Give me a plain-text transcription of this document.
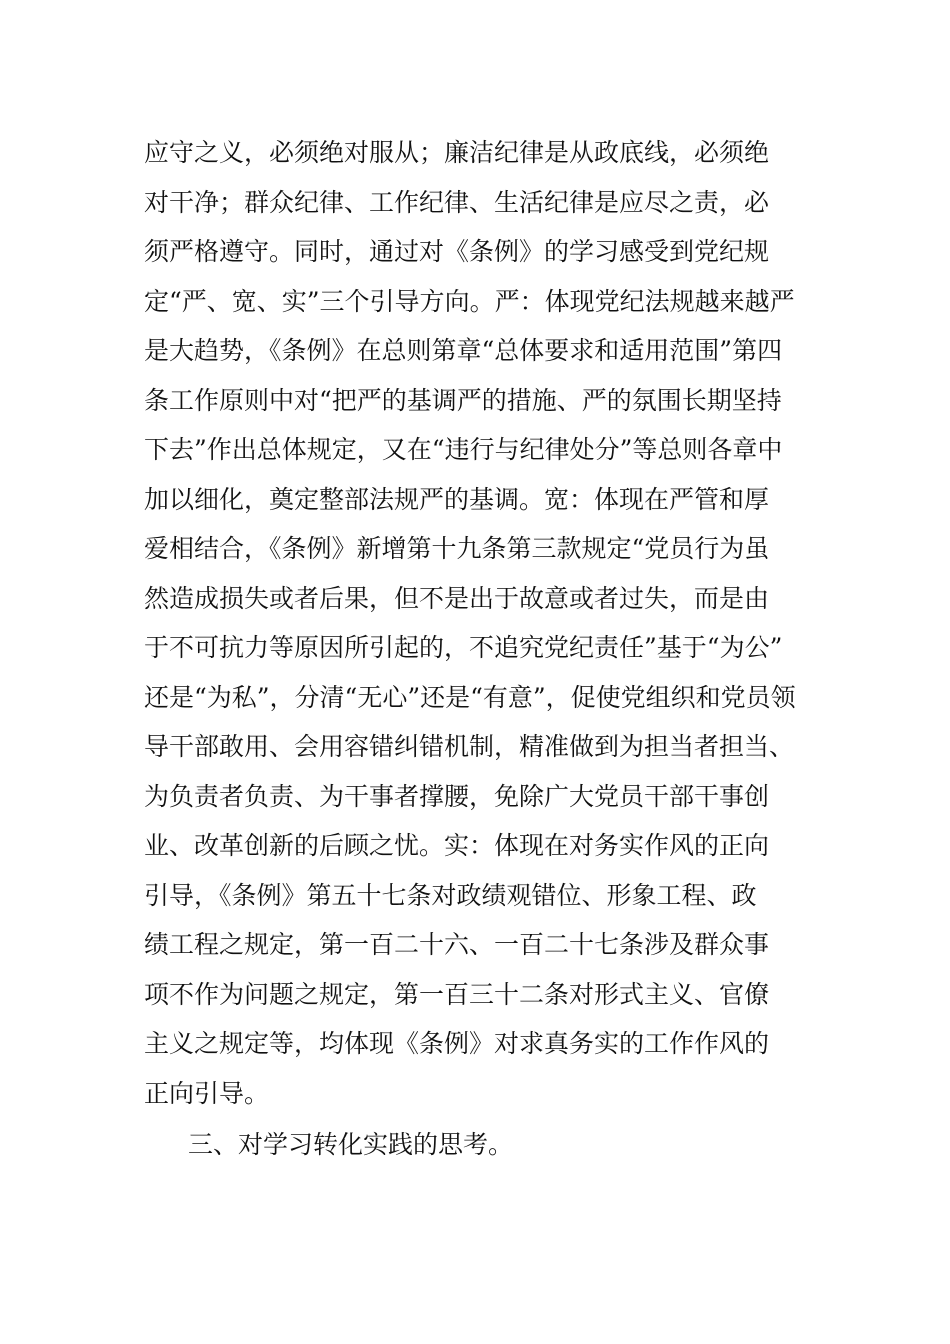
应守之义，必须绝对服从；廉洁纪律是从政底线，必须绝
对干净；群众纪律、工作纪律、生活纪律是应尽之责，必
须严格遵守。同时，通过对《条例》的学习感受到党纪规
定“严、宽、实”三个引导方向。严：体现党纪法规越来越严
是大趋势，《条例》在总则第章“总体要求和适用范围”第四
条工作原则中对“把严的基调严的措施、严的氛围长期坚持
下去”作出总体规定，又在“违行与纪律处分”等总则各章中
加以细化，奠定整部法规严的基调。宽：体现在严管和厚
爱相结合，《条例》新增第十九条第三款规定“党员行为虽
然造成损失或者后果，但不是出于故意或者过失，而是由
于不可抗力等原因所引起的，不追究党纪责任”基于“为公”
还是“为私”，分清“无心”还是“有意”，促使党组织和党员领
导干部敢用、会用容错纠错机制，精准做到为担当者担当、
为负责者负责、为干事者撑腰，免除广大党员干部干事创
业、改革创新的后顾之忧。实：体现在对务实作风的正向
引导，《条例》第五十七条对政绩观错位、形象工程、政
绩工程之规定，第一百二十六、一百二十七条涉及群众事
项不作为问题之规定，第一百三十二条对形式主义、官僚
主义之规定等，均体现《条例》对求真务实的工作作风的
正向引导。
三、对学习转化实践的思考。
